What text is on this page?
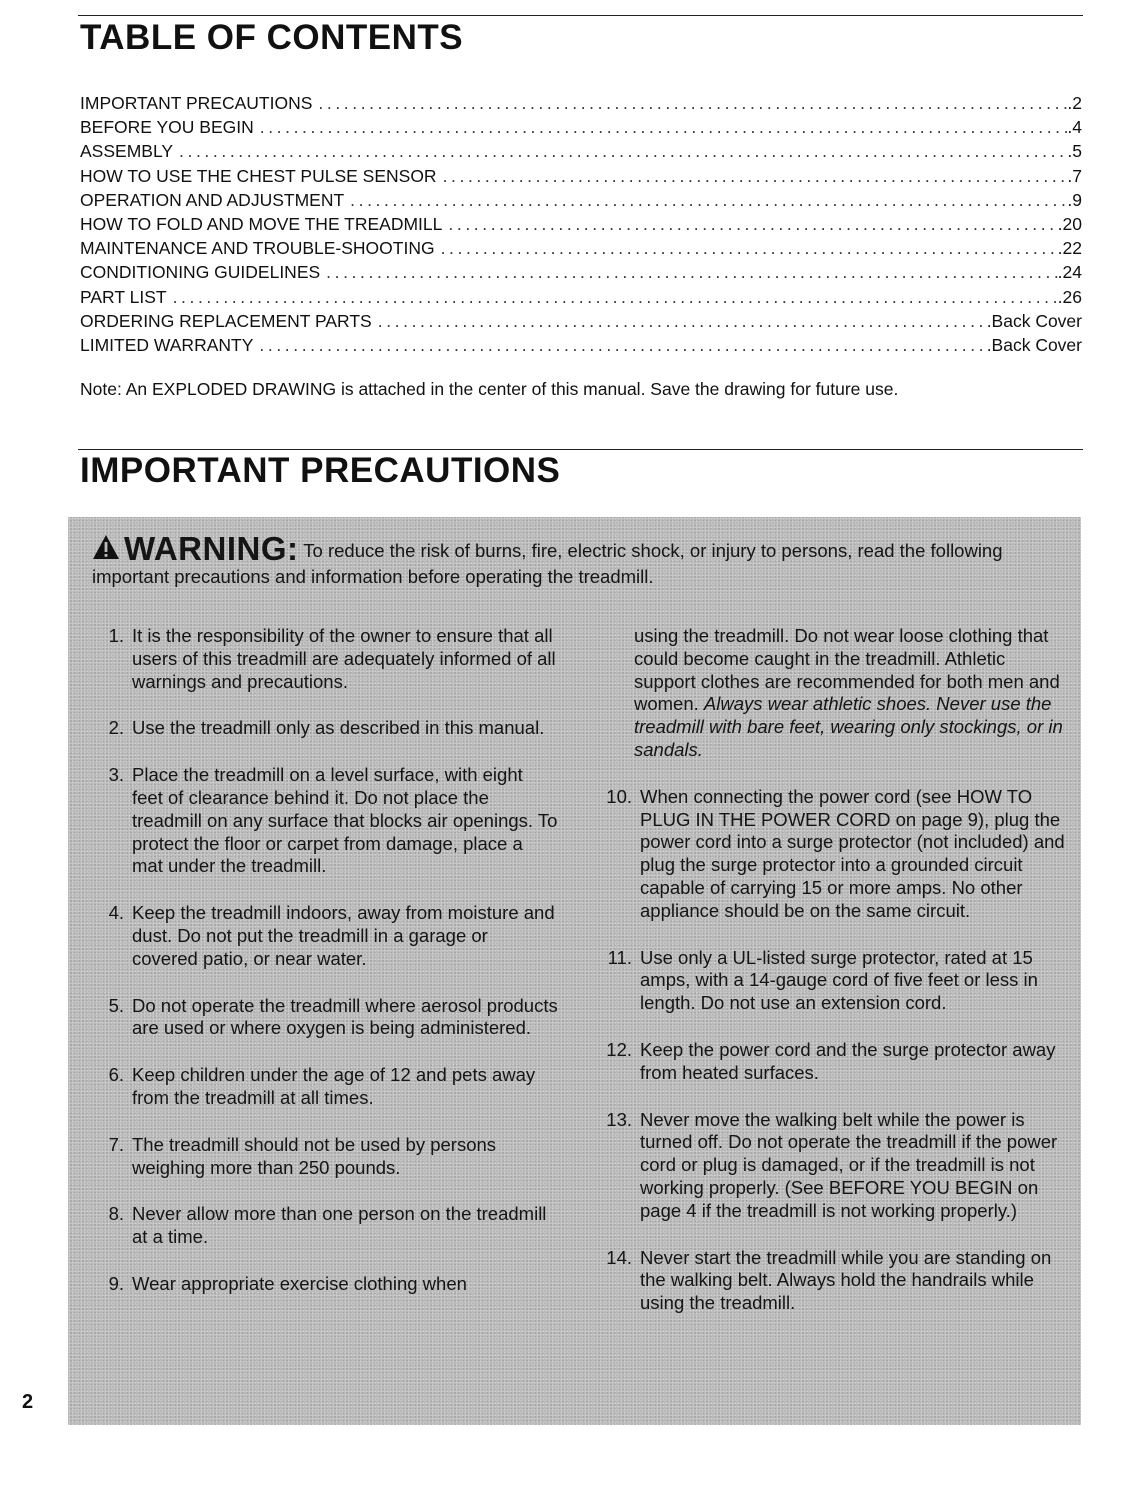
TABLE OF CONTENTS
IMPORTANT PRECAUTIONS .....	.2
BEFORE YOU BEGIN .....	.4
ASSEMBLY .....	.5
HOW TO USE THE CHEST PULSE SENSOR .....	.7
OPERATION AND ADJUSTMENT .....	.9
HOW TO FOLD AND MOVE THE TREADMILL .....	.20
MAINTENANCE AND TROUBLE-SHOOTING .....	.22
CONDITIONING GUIDELINES .....	.24
PART LIST .....	.26
ORDERING REPLACEMENT PARTS .....	.Back Cover
LIMITED WARRANTY .....	.Back Cover

Note: An EXPLODED DRAWING is attached in the center of this manual. Save the drawing for future use.

IMPORTANT PRECAUTIONS
WARNING: To reduce the risk of burns, fire, electric shock, or injury to persons, read the following important precautions and information before operating the treadmill.
1. It is the responsibility of the owner to ensure that all users of this treadmill are adequately informed of all warnings and precautions.
2. Use the treadmill only as described in this manual.
3. Place the treadmill on a level surface, with eight feet of clearance behind it. Do not place the treadmill on any surface that blocks air openings. To protect the floor or carpet from damage, place a mat under the treadmill.
4. Keep the treadmill indoors, away from moisture and dust. Do not put the treadmill in a garage or covered patio, or near water.
5. Do not operate the treadmill where aerosol products are used or where oxygen is being administered.
6. Keep children under the age of 12 and pets away from the treadmill at all times.
7. The treadmill should not be used by persons weighing more than 250 pounds.
8. Never allow more than one person on the treadmill at a time.
9. Wear appropriate exercise clothing when
using the treadmill. Do not wear loose clothing that could become caught in the treadmill. Athletic support clothes are recommended for both men and women. Always wear athletic shoes. Never use the treadmill with bare feet, wearing only stockings, or in sandals.
10. When connecting the power cord (see HOW TO PLUG IN THE POWER CORD on page 9), plug the power cord into a surge protector (not included) and plug the surge protector into a grounded circuit capable of carrying 15 or more amps. No other appliance should be on the same circuit.
11. Use only a UL-listed surge protector, rated at 15 amps, with a 14-gauge cord of five feet or less in length. Do not use an extension cord.
12. Keep the power cord and the surge protector away from heated surfaces.
13. Never move the walking belt while the power is turned off. Do not operate the treadmill if the power cord or plug is damaged, or if the treadmill is not working properly. (See BEFORE YOU BEGIN on page 4 if the treadmill is not working properly.)
14. Never start the treadmill while you are standing on the walking belt. Always hold the handrails while using the treadmill.

2
